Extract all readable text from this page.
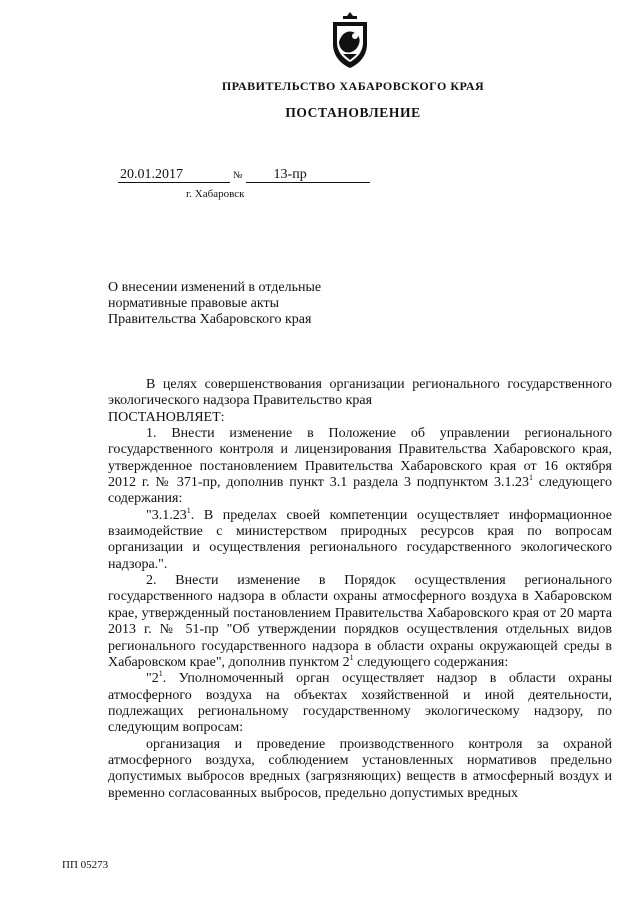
ПРАВИТЕЛЬСТВО ХАБАРОВСКОГО КРАЯ
ПОСТАНОВЛЕНИЕ
20.01.2017	№ 13-пр
г. Хабаровск
О внесении изменений в отдельные нормативные правовые акты Правительства Хабаровского края

В целях совершенствования организации регионального государственного экологического надзора Правительство края

ПОСТАНОВЛЯЕТ:

1. Внести изменение в Положение об управлении регионального государственного контроля и лицензирования Правительства Хабаровского края, утвержденное постановлением Правительства Хабаровского края от 16 октября 2012 г. № 371-пр, дополнив пункт 3.1 раздела 3 подпунктом 3.1.23$^1$ следующего содержания:

"3.1.23$^1$. В пределах своей компетенции осуществляет информационное взаимодействие с министерством природных ресурсов края по вопросам организации и осуществления регионального государственного экологического надзора.".

2. Внести изменение в Порядок осуществления регионального государственного надзора в области охраны атмосферного воздуха в Хабаровском крае, утвержденный постановлением Правительства Хабаровского края от 20 марта 2013 г. № 51-пр "Об утверждении порядков осуществления отдельных видов регионального государственного надзора в области охраны окружающей среды в Хабаровском крае", дополнив пунктом $2^1$ следующего содержания:

"$2^1$. Уполномоченный орган осуществляет надзор в области охраны атмосферного воздуха на объектах хозяйственной и иной деятельности, подлежащих региональному государственному экологическому надзору, по следующим вопросам:

организация и проведение производственного контроля за охраной атмосферного воздуха, соблюдением установленных нормативов предельно допустимых выбросов вредных (загрязняющих) веществ в атмосферный воздух и временно согласованных выбросов, предельно допустимых вредных

ПП 05273
